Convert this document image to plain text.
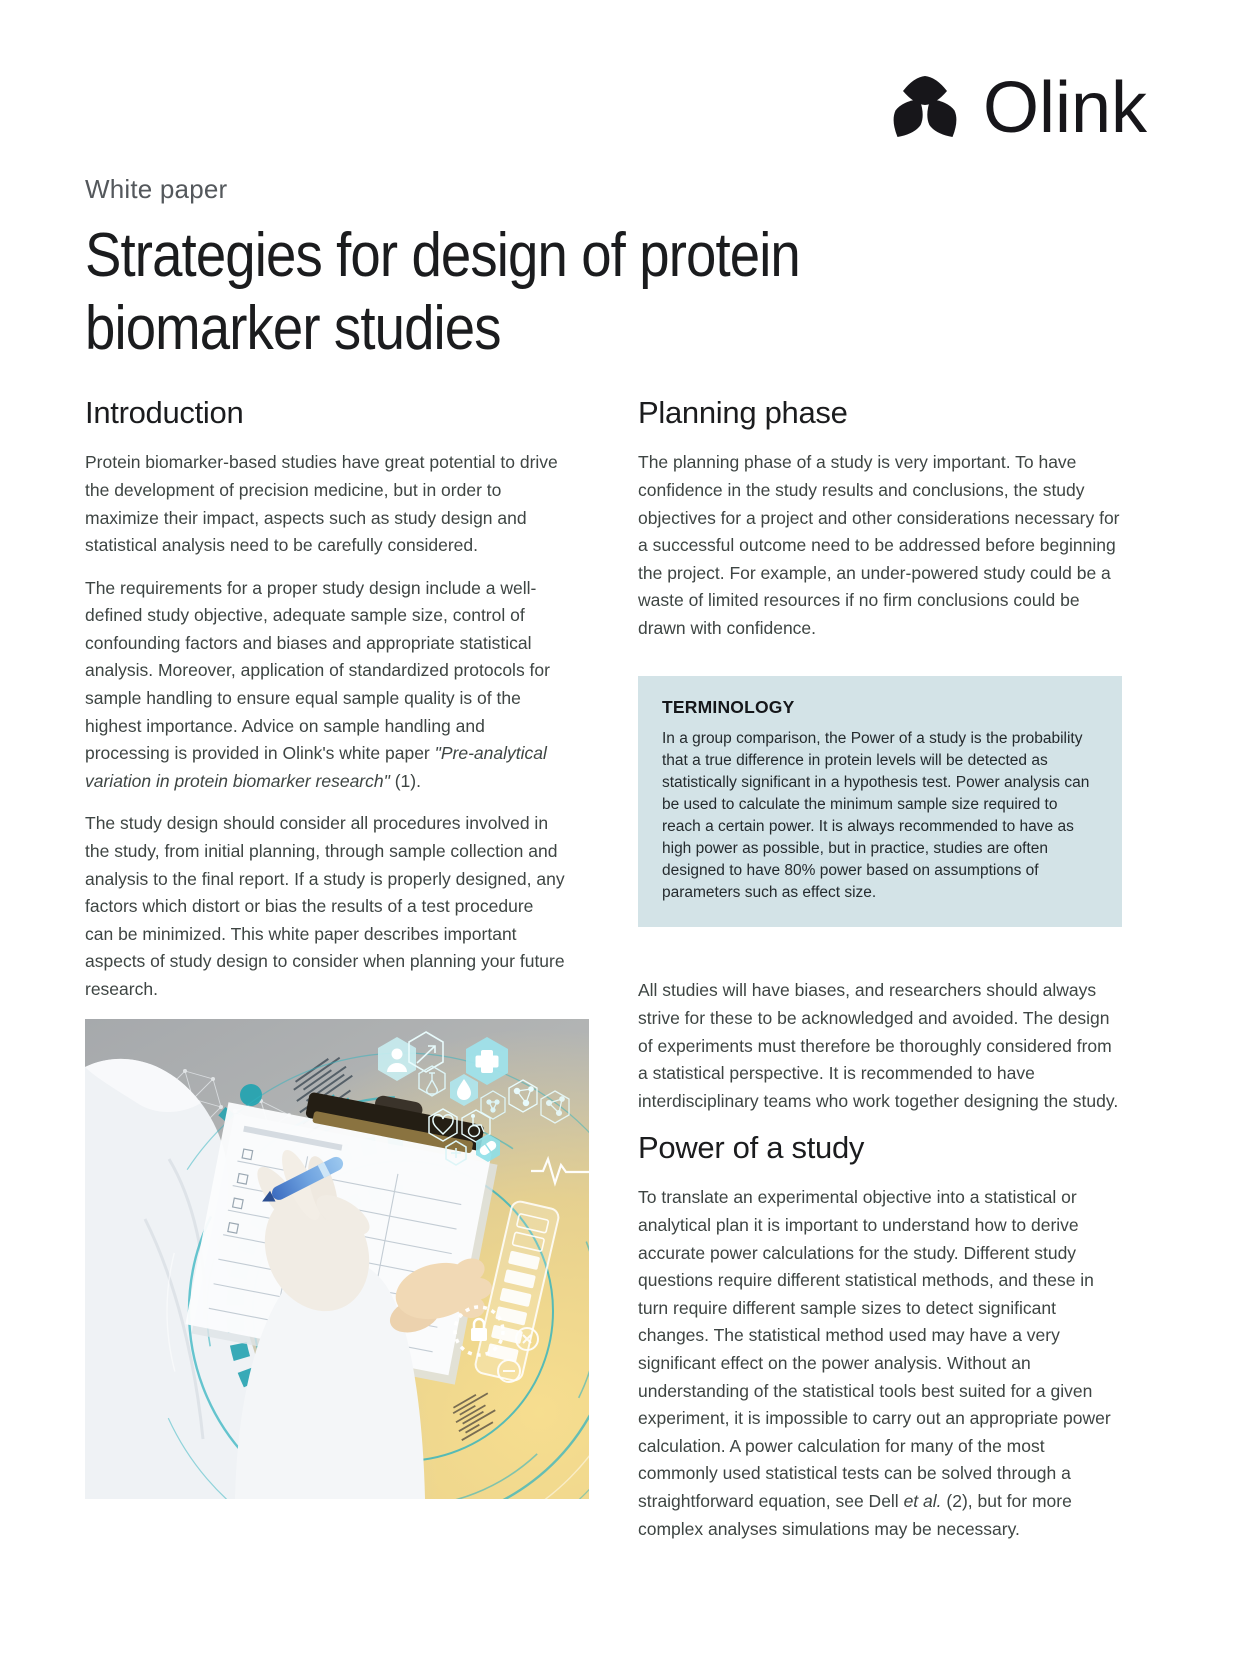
Olink
White paper
Strategies for design of protein biomarker studies
Introduction

Protein biomarker-based studies have great potential to drive the development of precision medicine, but in order to maximize their impact, aspects such as study design and statistical analysis need to be carefully considered.

The requirements for a proper study design include a well- defined study objective, adequate sample size, control of confounding factors and biases and appropriate statistical analysis. Moreover, application of standardized protocols for sample handling to ensure equal sample quality is of the highest importance. Advice on sample handling and processing is provided in Olink's white paper "Pre-analytical variation in protein biomarker research" (1).

The study design should consider all procedures involved in the study, from initial planning, through sample collection and analysis to the final report. If a study is properly designed, any factors which distort or bias the results of a test procedure can be minimized. This white paper describes important aspects of study design to consider when planning your future research.

Planning phase

The planning phase of a study is very important. To have confidence in the study results and conclusions, the study objectives for a project and other considerations necessary for a successful outcome need to be addressed before beginning the project. For example, an under-powered study could be a waste of limited resources if no firm conclusions could be drawn with confidence.

TERMINOLOGY

In a group comparison, the Power of a study is the probability that a true difference in protein levels will be detected as statistically significant in a hypothesis test. Power analysis can be used to calculate the minimum sample size required to reach a certain power. It is always recommended to have as high power as possible, but in practice, studies are often designed to have 80% power based on assumptions of parameters such as effect size.

All studies will have biases, and researchers should always strive for these to be acknowledged and avoided. The design of experiments must therefore be thoroughly considered from a statistical perspective. It is recommended to have interdisciplinary teams who work together designing the study.

Power of a study

To translate an experimental objective into a statistical or analytical plan it is important to understand how to derive accurate power calculations for the study. Different study questions require different statistical methods, and these in turn require different sample sizes to detect significant changes. The statistical method used may have a very significant effect on the power analysis. Without an understanding of the statistical tools best suited for a given experiment, it is impossible to carry out an appropriate power calculation. A power calculation for many of the most commonly used statistical tests can be solved through a straightforward equation, see Dell et al. (2), but for more complex analyses simulations may be necessary.
